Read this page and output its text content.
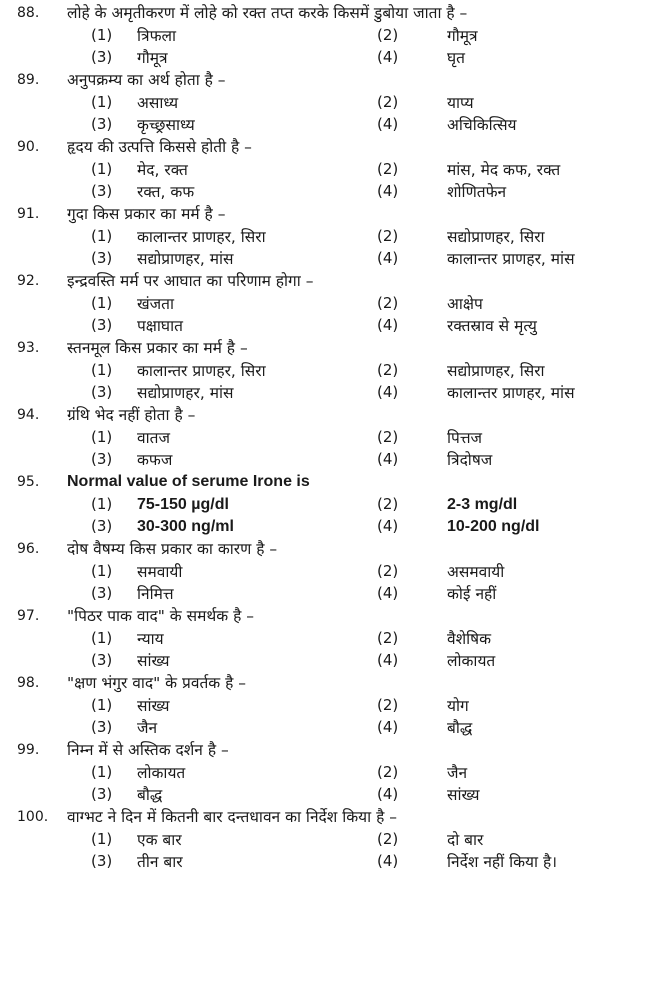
88.	लोहे के अमृतीकरण में लोहे को रक्त तप्त करके किसमें डुबोया जाता है –
(1)	त्रिफला	(2)	गौमूत्र
(3)	गौमूत्र	(4)	घृत
89.	अनुपक्रम्य का अर्थ होता है –
(1)	असाध्य	(2)	याप्य
(3)	कृच्छ्रसाध्य	(4)	अचिकित्सिय
90.	हृदय की उत्पत्ति किससे होती है –
(1)	मेद, रक्त	(2)	मांस, मेद कफ, रक्त
(3)	रक्त, कफ	(4)	शोणितफेन
91.	गुदा किस प्रकार का मर्म है –
(1)	कालान्तर प्राणहर, सिरा	(2)	सद्योप्राणहर, सिरा
(3)	सद्योप्राणहर, मांस	(4)	कालान्तर प्राणहर, मांस
92.	इन्द्रवस्ति मर्म पर आघात का परिणाम होगा –
(1)	खंजता	(2)	आक्षेप
(3)	पक्षाघात	(4)	रक्तस्राव से मृत्यु
93.	स्तनमूल किस प्रकार का मर्म है –
(1)	कालान्तर प्राणहर, सिरा	(2)	सद्योप्राणहर, सिरा
(3)	सद्योप्राणहर, मांस	(4)	कालान्तर प्राणहर, मांस
94.	ग्रंथि भेद नहीं होता है –
(1)	वातज	(2)	पित्तज
(3)	कफज	(4)	त्रिदोषज
95.	Normal value of serume Irone is
(1)	75-150 µg/dl	(2)	2-3 mg/dl
(3)	30-300 ng/ml	(4)	10-200 ng/dl
96.	दोष वैषम्य किस प्रकार का कारण है –
(1)	समवायी	(2)	असमवायी
(3)	निमित्त	(4)	कोई नहीं
97.	"पिठर पाक वाद" के समर्थक है –
(1)	न्याय	(2)	वैशेषिक
(3)	सांख्य	(4)	लोकायत
98.	"क्षण भंगुर वाद" के प्रवर्तक है –
(1)	सांख्य	(2)	योग
(3)	जैन	(4)	बौद्ध
99.	निम्न में से अस्तिक दर्शन है –
(1)	लोकायत	(2)	जैन
(3)	बौद्ध	(4)	सांख्य
100.	वाग्भट ने दिन में कितनी बार दन्तधावन का निर्देश किया है –
(1)	एक बार	(2)	दो बार
(3)	तीन बार	(4)	निर्देश नहीं किया है।
